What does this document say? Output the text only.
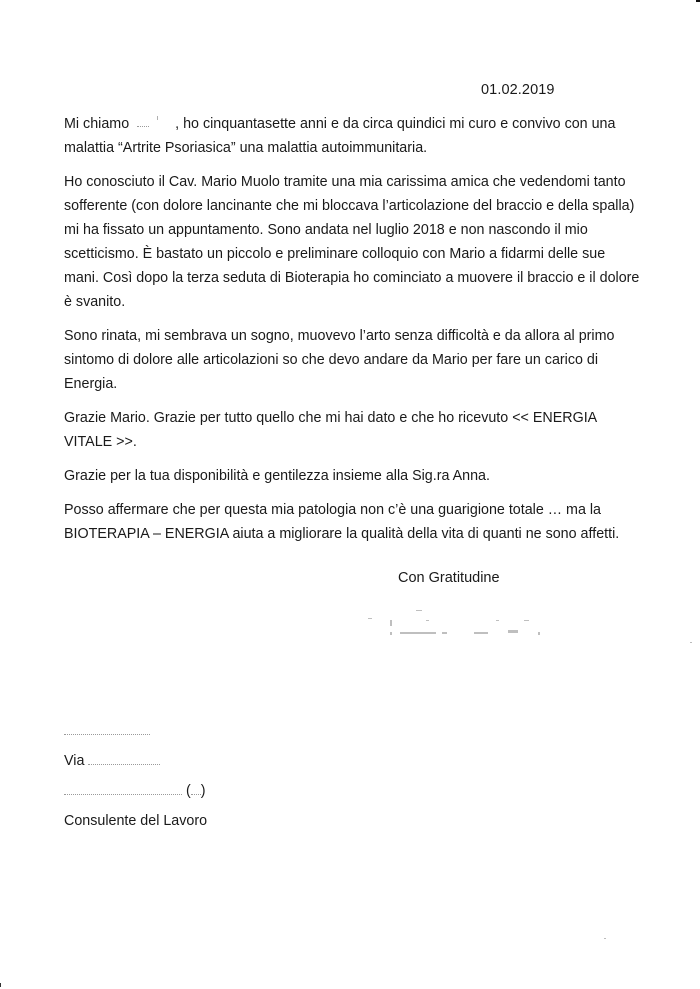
01.02.2019

Mi chiamo	, ho cinquantasette anni e da circa quindici mi curo e convivo con una malattia “Artrite Psoriasica” una malattia autoimmunitaria.

Ho conosciuto il Cav. Mario Muolo tramite una mia carissima amica che vedendomi tanto sofferente (con dolore lancinante che mi bloccava l’articolazione del braccio e della spalla) mi ha fissato un appuntamento. Sono andata nel luglio 2018 e non nascondo il mio scetticismo. È bastato un piccolo e preliminare colloquio con Mario a fidarmi delle sue mani. Così dopo la terza seduta di Bioterapia ho cominciato a muovere il braccio e il dolore è svanito.

Sono rinata, mi sembrava un sogno, muovevo l’arto senza difficoltà e da allora al primo sintomo di dolore alle articolazioni so che devo andare da Mario per fare un carico di Energia.

Grazie Mario. Grazie per tutto quello che mi hai dato e che ho ricevuto << ENERGIA VITALE >>.

Grazie per la tua disponibilità e gentilezza insieme alla Sig.ra Anna.

Posso affermare che per questa mia patologia non c’è una guarigione totale … ma la BIOTERAPIA – ENERGIA aiuta a migliorare la qualità della vita di quanti ne sono affetti.

Con Gratitudine
Via
( )
Consulente del Lavoro
